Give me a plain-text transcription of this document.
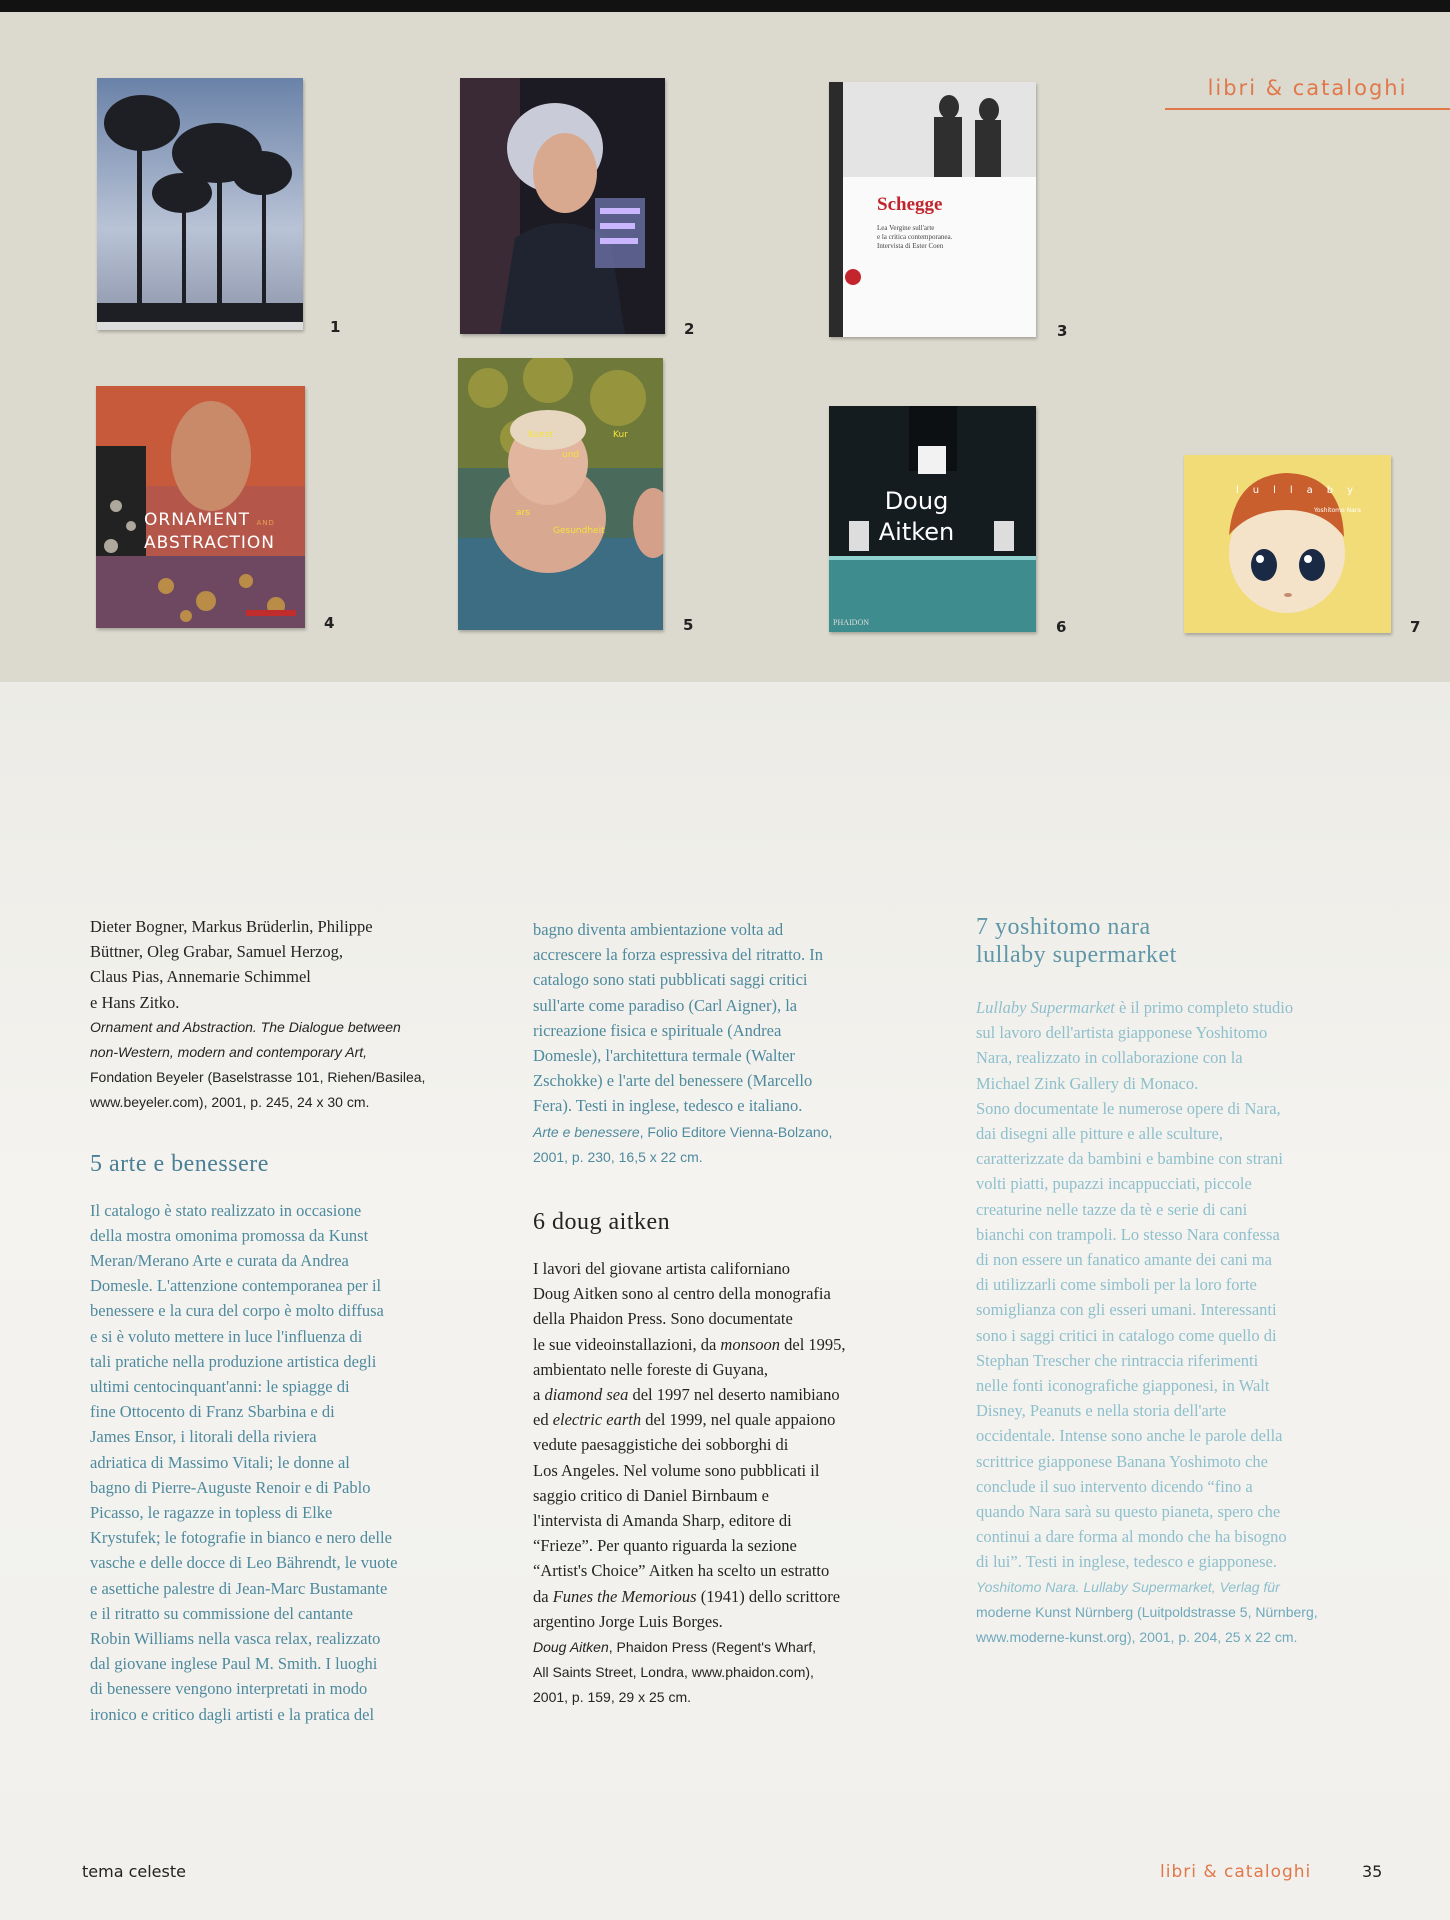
libri & cataloghi
1	2
Schegge
Lea Vergine sull'arte
e la critica contemporanea.
Intervista di Ester Coen
3
ORNAMENT AND
ABSTRACTION
4
Kunst
und
Kur
ars
Gesundheit
5
Doug
Aitken
PHAIDON	6
lullaby
Yoshitomo Nara
7

Dieter Bogner, Markus Brüderlin, Philippe

Büttner, Oleg Grabar, Samuel Herzog,

Claus Pias, Annemarie Schimmel

e Hans Zitko.

Ornament and Abstraction. The Dialogue between

non-Western, modern and contemporary Art,

Fondation Beyeler (Baselstrasse 101, Riehen/Basilea,

www.beyeler.com), 2001, p. 245, 24 x 30 cm.

5 arte e benessere

Il catalogo è stato realizzato in occasione

della mostra omonima promossa da Kunst

Meran/Merano Arte e curata da Andrea

Domesle. L'attenzione contemporanea per il

benessere e la cura del corpo è molto diffusa

e si è voluto mettere in luce l'influenza di

tali pratiche nella produzione artistica degli

ultimi centocinquant'anni: le spiagge di

fine Ottocento di Franz Sbarbina e di

James Ensor, i litorali della riviera

adriatica di Massimo Vitali; le donne al

bagno di Pierre-Auguste Renoir e di Pablo

Picasso, le ragazze in topless di Elke

Krystufek; le fotografie in bianco e nero delle

vasche e delle docce di Leo Bährendt, le vuote

e asettiche palestre di Jean-Marc Bustamante

e il ritratto su commissione del cantante

Robin Williams nella vasca relax, realizzato

dal giovane inglese Paul M. Smith. I luoghi

di benessere vengono interpretati in modo

ironico e critico dagli artisti e la pratica del

bagno diventa ambientazione volta ad

accrescere la forza espressiva del ritratto. In

catalogo sono stati pubblicati saggi critici

sull'arte come paradiso (Carl Aigner), la

ricreazione fisica e spirituale (Andrea

Domesle), l'architettura termale (Walter

Zschokke) e l'arte del benessere (Marcello

Fera). Testi in inglese, tedesco e italiano.

Arte e benessere, Folio Editore Vienna-Bolzano,

2001, p. 230, 16,5 x 22 cm.

6 doug aitken

I lavori del giovane artista californiano

Doug Aitken sono al centro della monografia

della Phaidon Press. Sono documentate

le sue videoinstallazioni, da monsoon del 1995,

ambientato nelle foreste di Guyana,

a diamond sea del 1997 nel deserto namibiano

ed electric earth del 1999, nel quale appaiono

vedute paesaggistiche dei sobborghi di

Los Angeles. Nel volume sono pubblicati il

saggio critico di Daniel Birnbaum e

l'intervista di Amanda Sharp, editore di

“Frieze”. Per quanto riguarda la sezione

“Artist's Choice” Aitken ha scelto un estratto

da Funes the Memorious (1941) dello scrittore

argentino Jorge Luis Borges.

Doug Aitken, Phaidon Press (Regent's Wharf,

All Saints Street, Londra, www.phaidon.com),

2001, p. 159, 29 x 25 cm.

7 yoshitomo nara
lullaby supermarket

Lullaby Supermarket è il primo completo studio

sul lavoro dell'artista giapponese Yoshitomo

Nara, realizzato in collaborazione con la

Michael Zink Gallery di Monaco.

Sono documentate le numerose opere di Nara,

dai disegni alle pitture e alle sculture,

caratterizzate da bambini e bambine con strani

volti piatti, pupazzi incappucciati, piccole

creaturine nelle tazze da tè e serie di cani

bianchi con trampoli. Lo stesso Nara confessa

di non essere un fanatico amante dei cani ma

di utilizzarli come simboli per la loro forte

somiglianza con gli esseri umani. Interessanti

sono i saggi critici in catalogo come quello di

Stephan Trescher che rintraccia riferimenti

nelle fonti iconografiche giapponesi, in Walt

Disney, Peanuts e nella storia dell'arte

occidentale. Intense sono anche le parole della

scrittrice giapponese Banana Yoshimoto che

conclude il suo intervento dicendo “fino a

quando Nara sarà su questo pianeta, spero che

continui a dare forma al mondo che ha bisogno

di lui”. Testi in inglese, tedesco e giapponese.

Yoshitomo Nara. Lullaby Supermarket, Verlag für

moderne Kunst Nürnberg (Luitpoldstrasse 5, Nürnberg,

www.moderne-kunst.org), 2001, p. 204, 25 x 22 cm.

tema celeste	libri & cataloghi	35
